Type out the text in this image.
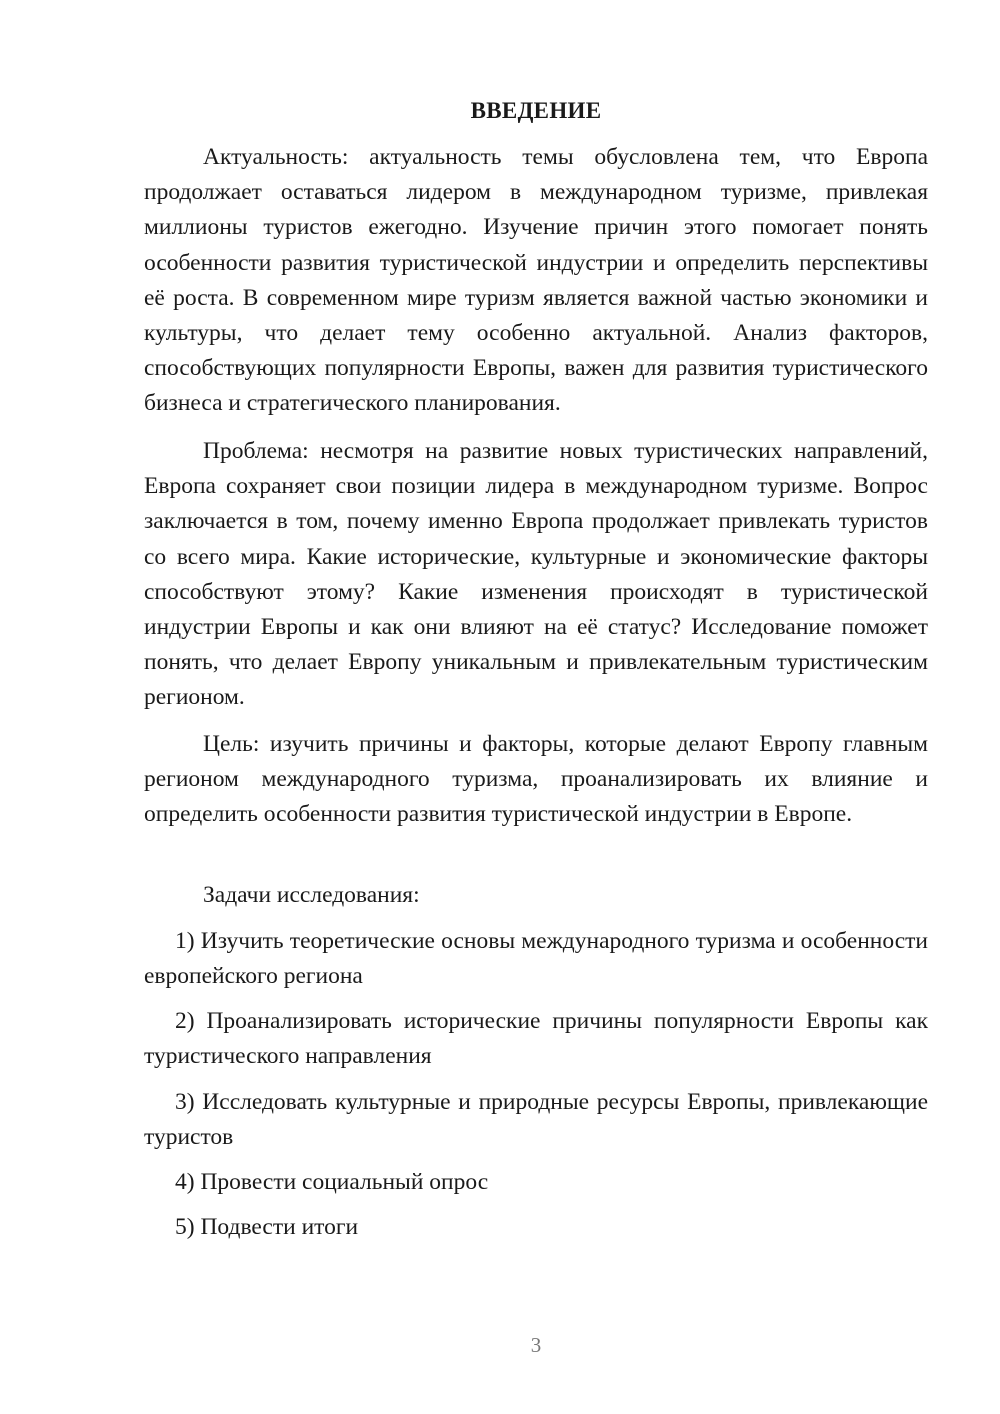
ВВЕДЕНИЕ

Актуальность: актуальность темы обусловлена тем, что Европа продолжает оставаться лидером в международном туризме, привлекая миллионы туристов ежегодно. Изучение причин этого помогает понять особенности развития туристической индустрии и определить перспективы её роста. В современном мире туризм является важной частью экономики и культуры, что делает тему особенно актуальной. Анализ факторов, способствующих популярности Европы, важен для развития туристического бизнеса и стратегического планирования.

Проблема: несмотря на развитие новых туристических направлений, Европа сохраняет свои позиции лидера в международном туризме. Вопрос заключается в том, почему именно Европа продолжает привлекать туристов со всего мира. Какие исторические, культурные и экономические факторы способствуют этому? Какие изменения происходят в туристической индустрии Европы и как они влияют на её статус? Исследование поможет понять, что делает Европу уникальным и привлекательным туристическим регионом.

Цель: изучить причины и факторы, которые делают Европу главным регионом международного туризма, проанализировать их влияние и определить особенности развития туристической индустрии в Европе.

Задачи исследования:

1) Изучить теоретические основы международного туризма и особенности европейского региона

2) Проанализировать исторические причины популярности Европы как туристического направления

3) Исследовать культурные и природные ресурсы Европы, привлекающие туристов

4) Провести социальный опрос

5) Подвести итоги

3
